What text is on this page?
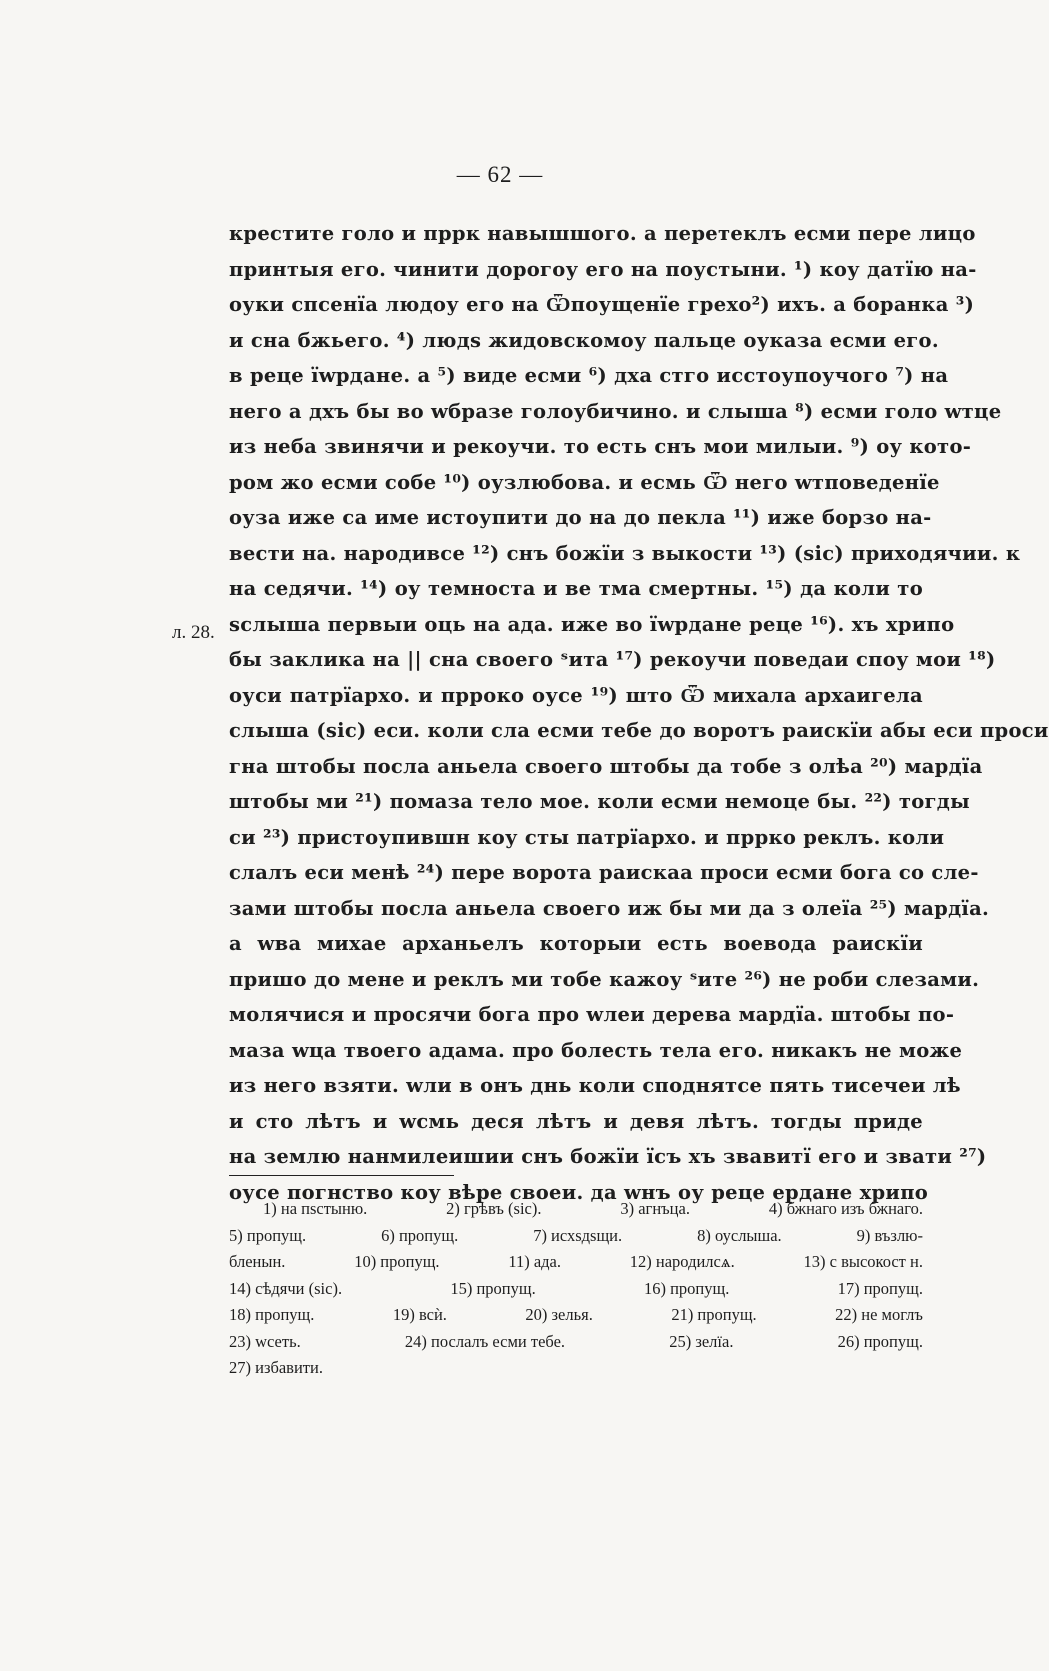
— 62 —
л. 28.
крестите голо и пррк навышшого. а перетеклъ есми пере лицо
принтыя его. чинити дорогоу его на поустыни. ¹) коу датїю на-
оуки спсенїа людоу его на Ѿпоущенїе грехо²) ихъ. а боранка ³)
и сна бжьего. ⁴) людѕ жидовскомоу пальце оуказа есми его.
в реце їwрдане. а ⁵) виде есми ⁶) дха стго исстоупоучого ⁷) на
него а дхъ бы во wбразе голоубичино. и слыша ⁸) есми голо wтце
из неба звинячи и рекоучи. то есть снъ мои милыи. ⁹) оу кото-
ром жо есми собе ¹⁰) оузлюбова. и есмь Ѿ него wтповеденїе
оуза иже са име истоупити до на до пекла ¹¹) иже борзо на-
вести на. народивсе ¹²) снъ божїи з выкости ¹³) (sic) приходячии. к
на седячи. ¹⁴) оу темноста и ве тма смертны. ¹⁵) да коли то
ѕслыша первыи оць на ада. иже во їwрдане реце ¹⁶). хъ хрипо
бы заклика на || сна своего ˢита ¹⁷) рекоучи поведаи споу мои ¹⁸)
оуси патрїархо. и пррокo оусе ¹⁹) што Ѿ михала архаигела
слыша (sic) еси. коли сла есми тебе до воротъ раискїи абы еси проси
гна штобы посла аньела своего штобы да тобе з олѣа ²⁰) мардїа
штобы ми ²¹) помаза тело мое. коли есми немоце бы. ²²) тогды
си ²³) пристоупившн коу сты патрїархо. и пррко реклъ. коли
слалъ еси менѣ ²⁴) пере ворота раискаа проси есми бога со сле-
зами штобы посла аньела своего иж бы ми да з олеїа ²⁵) мардїа.
а wва михае арханьелъ которыи есть воевода раискїи
пришо до мене и реклъ ми тобе кажоу ˢите ²⁶) не роби слезами.
молячися и просячи бога про wлеи дерева мардїа. штобы по-
маза wца твоего адама. про болесть тела его. никакъ не може
из него взяти. wли в онъ днь коли споднятсе пять тисечеи лѣ
и сто лѣтъ и wсмь деся лѣтъ и девя лѣтъ. тогды приде
на землю нанмилеишии снъ божїи їсъ хъ звавитї его и звати ²⁷)
оусе погнство коу вѣре своеи. да wнъ оу реце ердане хрипо
1) на пѕстыню.	2) грѣвъ (sic).	3) агнъца.	4) бжнаго изъ бжнаго.
5) пропущ.	6) пропущ.	7) исхѕдѕщи.	8) оуслыша.	9) възлю-
бленын.	10) пропущ.	11) ада.	12) народилсѧ.	13) с высокост н.
14) сѣдячи (sic).	15) пропущ.	16) пропущ.	17) пропущ.
18) пропущ.	19) всѝ.	20) зелья.	21) пропущ.	22) не моглъ
23) wсеть.	24) послалъ есми тебе.	25) зелїа.	26) пропущ.
27) избавити.
